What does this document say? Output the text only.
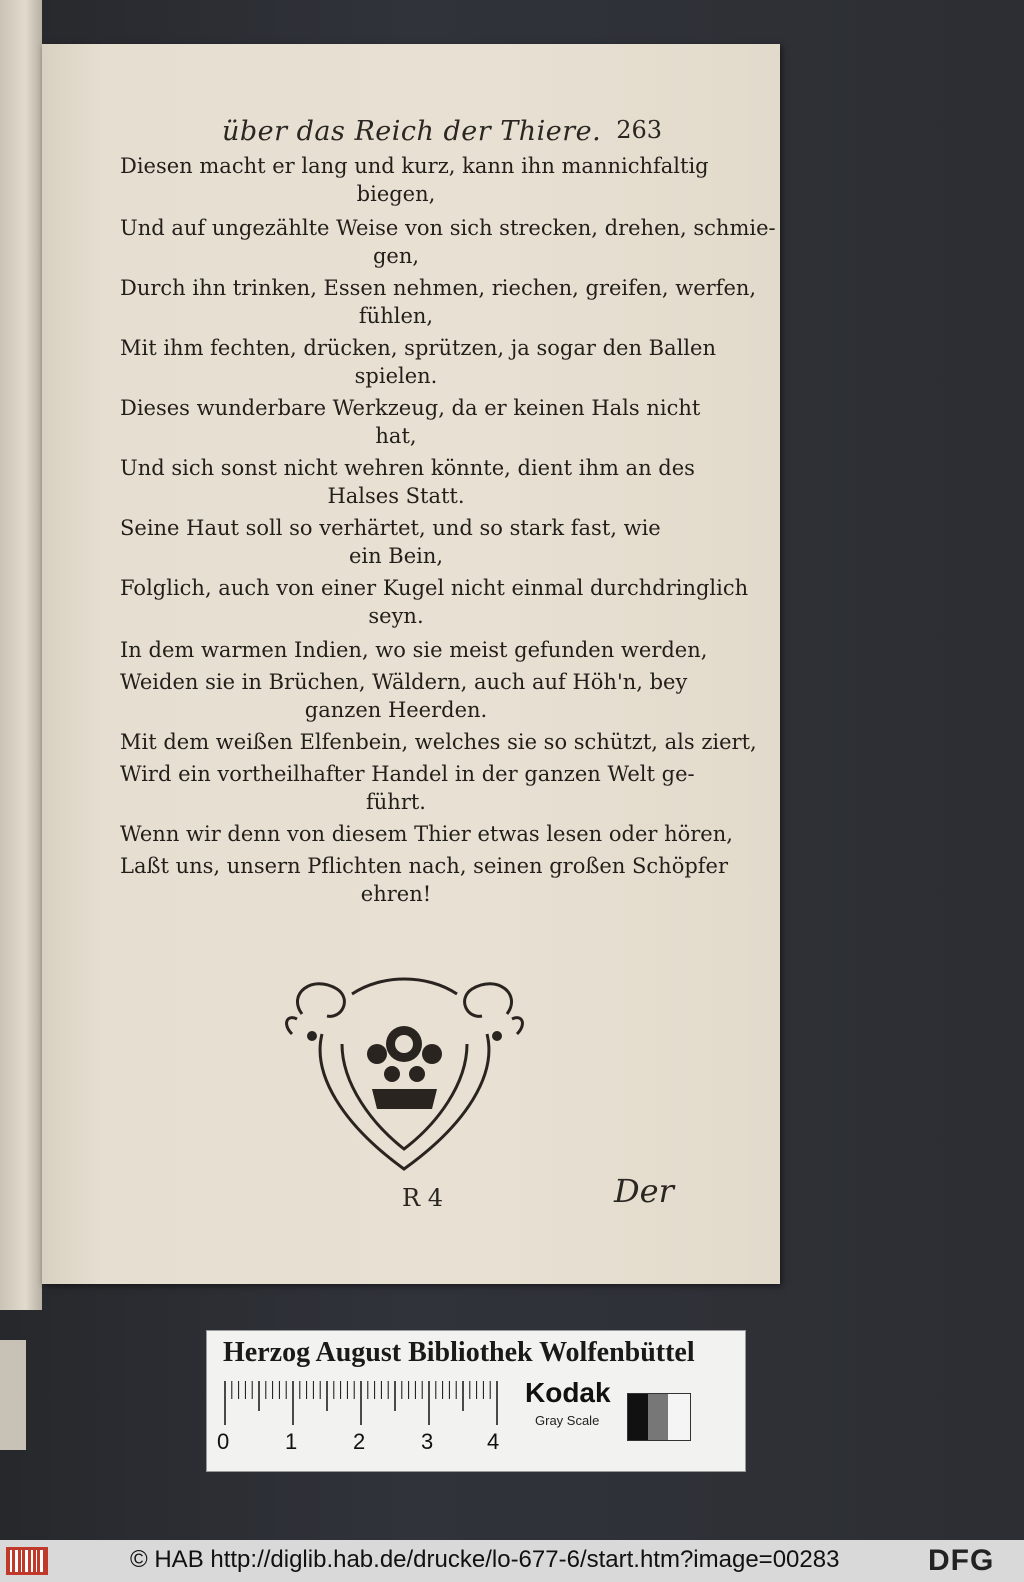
über das Reich der Thiere. 263
Diesen macht er lang und kurz, kann ihn mannichfaltig
biegen,
Und auf ungezählte Weise von sich strecken, drehen, schmie-
gen,
Durch ihn trinken, Essen nehmen, riechen, greifen, werfen,
fühlen,
Mit ihm fechten, drücken, sprützen, ja sogar den Ballen
spielen.
Dieses wunderbare Werkzeug, da er keinen Hals nicht
hat,
Und sich sonst nicht wehren könnte, dient ihm an des
Halses Statt.
Seine Haut soll so verhärtet, und so stark fast, wie
ein Bein,
Folglich, auch von einer Kugel nicht einmal durchdringlich
seyn.
In dem warmen Indien, wo sie meist gefunden werden,
Weiden sie in Brüchen, Wäldern, auch auf Höh'n, bey
ganzen Heerden.
Mit dem weißen Elfenbein, welches sie so schützt, als ziert,
Wird ein vortheilhafter Handel in der ganzen Welt ge-
führt.
Wenn wir denn von diesem Thier etwas lesen oder hören,
Laßt uns, unsern Pflichten nach, seinen großen Schöpfer
ehren!
R 4	Der
Herzog August Bibliothek Wolfenbüttel
0	1	2	3 4
Kodak
Gray Scale
© HAB http://diglib.hab.de/drucke/lo-677-6/start.htm?image=00283	DFG
